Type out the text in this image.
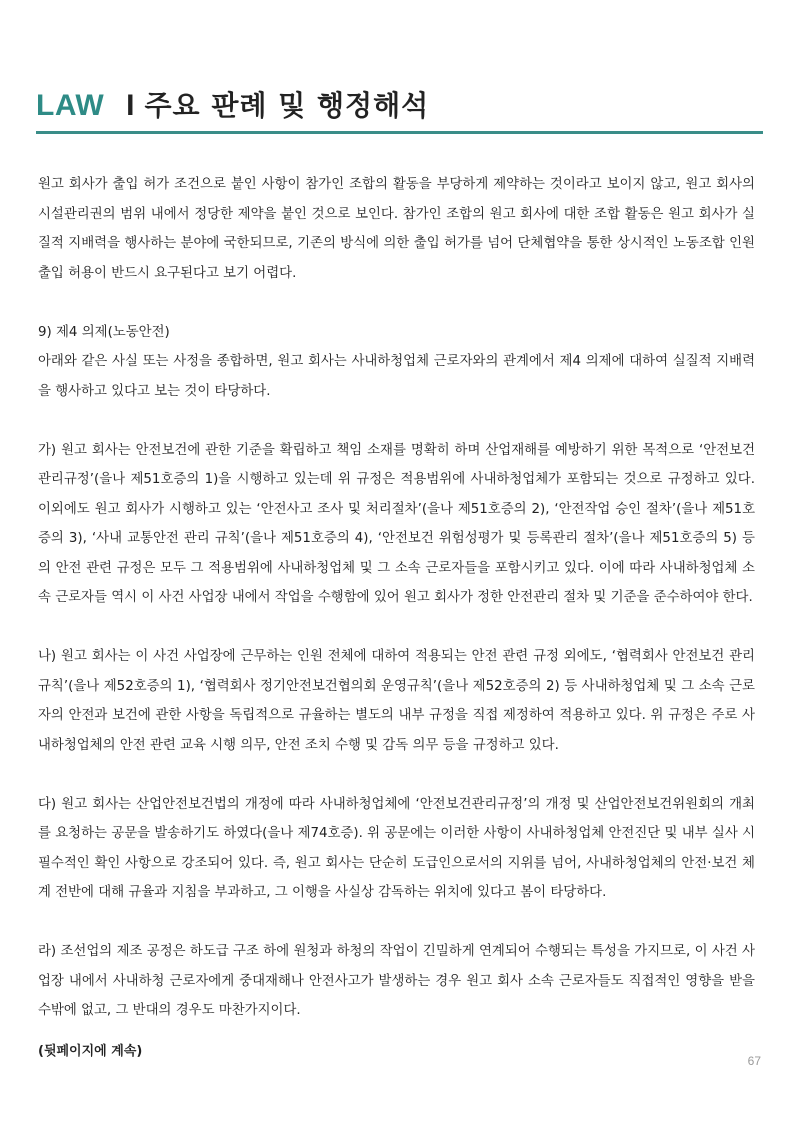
LAW I 주요 판례 및 행정해석

원고 회사가 출입 허가 조건으로 붙인 사항이 참가인 조합의 활동을 부당하게 제약하는 것이라고 보이지 않고, 원고 회사의 시설관리권의 범위 내에서 정당한 제약을 붙인 것으로 보인다. 참가인 조합의 원고 회사에 대한 조합 활동은 원고 회사가 실질적 지배력을 행사하는 분야에 국한되므로, 기존의 방식에 의한 출입 허가를 넘어 단체협약을 통한 상시적인 노동조합 인원 출입 허용이 반드시 요구된다고 보기 어렵다.

9) 제4 의제(노동안전)

아래와 같은 사실 또는 사정을 종합하면, 원고 회사는 사내하청업체 근로자와의 관계에서 제4 의제에 대하여 실질적 지배력을 행사하고 있다고 보는 것이 타당하다.

가) 원고 회사는 안전보건에 관한 기준을 확립하고 책임 소재를 명확히 하며 산업재해를 예방하기 위한 목적으로 ‘안전보건관리규정’(을나 제51호증의 1)을 시행하고 있는데 위 규정은 적용범위에 사내하청업체가 포함되는 것으로 규정하고 있다. 이외에도 원고 회사가 시행하고 있는 ‘안전사고 조사 및 처리절차’(을나 제51호증의 2), ‘안전작업 승인 절차’(을나 제51호증의 3), ‘사내 교통안전 관리 규칙’(을나 제51호증의 4), ‘안전보건 위험성평가 및 등록관리 절차’(을나 제51호증의 5) 등의 안전 관련 규정은 모두 그 적용범위에 사내하청업체 및 그 소속 근로자들을 포함시키고 있다. 이에 따라 사내하청업체 소속 근로자들 역시 이 사건 사업장 내에서 작업을 수행함에 있어 원고 회사가 정한 안전관리 절차 및 기준을 준수하여야 한다.

나) 원고 회사는 이 사건 사업장에 근무하는 인원 전체에 대하여 적용되는 안전 관련 규정 외에도, ‘협력회사 안전보건 관리 규칙’(을나 제52호증의 1), ‘협력회사 정기안전보건협의회 운영규칙’(을나 제52호증의 2) 등 사내하청업체 및 그 소속 근로자의 안전과 보건에 관한 사항을 독립적으로 규율하는 별도의 내부 규정을 직접 제정하여 적용하고 있다. 위 규정은 주로 사내하청업체의 안전 관련 교육 시행 의무, 안전 조치 수행 및 감독 의무 등을 규정하고 있다.

다) 원고 회사는 산업안전보건법의 개정에 따라 사내하청업체에 ‘안전보건관리규정’의 개정 및 산업안전보건위원회의 개최를 요청하는 공문을 발송하기도 하였다(을나 제74호증). 위 공문에는 이러한 사항이 사내하청업체 안전진단 및 내부 실사 시 필수적인 확인 사항으로 강조되어 있다. 즉, 원고 회사는 단순히 도급인으로서의 지위를 넘어, 사내하청업체의 안전·보건 체계 전반에 대해 규율과 지침을 부과하고, 그 이행을 사실상 감독하는 위치에 있다고 봄이 타당하다.

라) 조선업의 제조 공정은 하도급 구조 하에 원청과 하청의 작업이 긴밀하게 연계되어 수행되는 특성을 가지므로, 이 사건 사업장 내에서 사내하청 근로자에게 중대재해나 안전사고가 발생하는 경우 원고 회사 소속 근로자들도 직접적인 영향을 받을 수밖에 없고, 그 반대의 경우도 마찬가지이다.

(뒷페이지에 계속)
67
